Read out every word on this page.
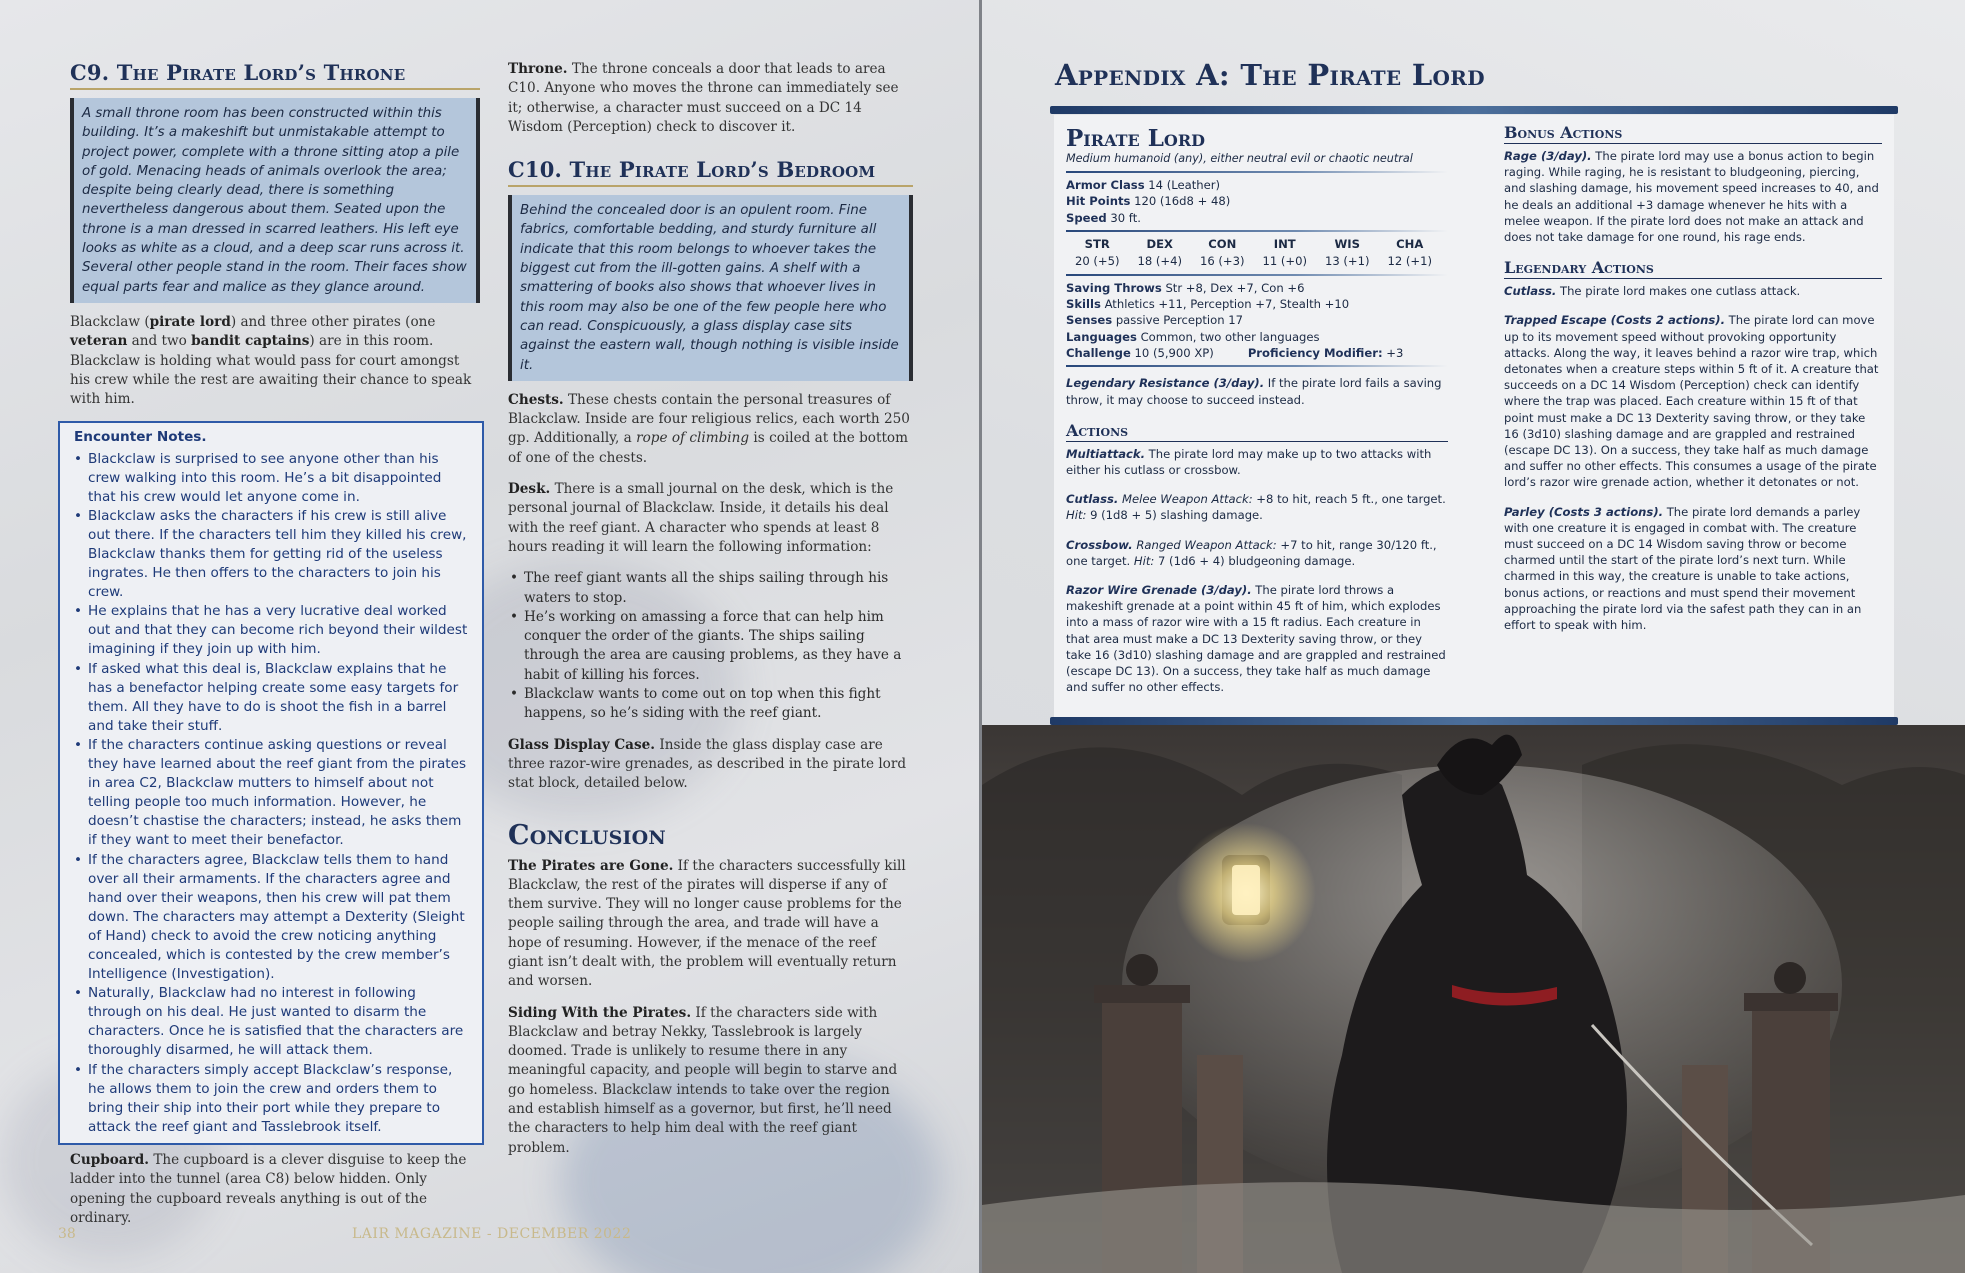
C9. The Pirate Lord’s Throne
A small throne room has been constructed within this building. It’s a makeshift but unmistakable attempt to project power, complete with a throne sitting atop a pile of gold. Menacing heads of animals overlook the area; despite being clearly dead, there is something nevertheless dangerous about them. Seated upon the throne is a man dressed in scarred leathers. His left eye looks as white as a cloud, and a deep scar runs across it. Several other people stand in the room. Their faces show equal parts fear and malice as they glance around.

Blackclaw (pirate lord) and three other pirates (one veteran and two bandit captains) are in this room. Blackclaw is holding what would pass for court amongst his crew while the rest are awaiting their chance to speak with him.

Encounter Notes.
• Blackclaw is surprised to see anyone other than his crew walking into this room. He’s a bit disappointed that his crew would let anyone come in.
• Blackclaw asks the characters if his crew is still alive out there. If the characters tell him they killed his crew, Blackclaw thanks them for getting rid of the useless ingrates. He then offers to the characters to join his crew.
• He explains that he has a very lucrative deal worked out and that they can become rich beyond their wildest imagining if they join up with him.
• If asked what this deal is, Blackclaw explains that he has a benefactor helping create some easy targets for them. All they have to do is shoot the fish in a barrel and take their stuff.
• If the characters continue asking questions or reveal they have learned about the reef giant from the pirates in area C2, Blackclaw mutters to himself about not telling people too much information. However, he doesn’t chastise the characters; instead, he asks them if they want to meet their benefactor.
• If the characters agree, Blackclaw tells them to hand over all their armaments. If the characters agree and hand over their weapons, then his crew will pat them down. The characters may attempt a Dexterity (Sleight of Hand) check to avoid the crew noticing anything concealed, which is contested by the crew member’s Intelligence (Investigation).
• Naturally, Blackclaw had no interest in following through on his deal. He just wanted to disarm the characters. Once he is satisfied that the characters are thoroughly disarmed, he will attack them.
• If the characters simply accept Blackclaw’s response, he allows them to join the crew and orders them to bring their ship into their port while they prepare to attack the reef giant and Tasslebrook itself.

Cupboard. The cupboard is a clever disguise to keep the ladder into the tunnel (area C8) below hidden. Only opening the cupboard reveals anything is out of the ordinary.

Throne. The throne conceals a door that leads to area C10. Anyone who moves the throne can immediately see it; otherwise, a character must succeed on a DC 14 Wisdom (Perception) check to discover it.

C10. The Pirate Lord’s Bedroom
Behind the concealed door is an opulent room. Fine fabrics, comfortable bedding, and sturdy furniture all indicate that this room belongs to whoever takes the biggest cut from the ill-gotten gains. A shelf with a smattering of books also shows that whoever lives in this room may also be one of the few people here who can read. Conspicuously, a glass display case sits against the eastern wall, though nothing is visible inside it.

Chests. These chests contain the personal treasures of Blackclaw. Inside are four religious relics, each worth 250 gp. Additionally, a rope of climbing is coiled at the bottom of one of the chests.

Desk. There is a small journal on the desk, which is the personal journal of Blackclaw. Inside, it details his deal with the reef giant. A character who spends at least 8 hours reading it will learn the following information:

• The reef giant wants all the ships sailing through his waters to stop.
• He’s working on amassing a force that can help him conquer the order of the giants. The ships sailing through the area are causing problems, as they have a habit of killing his forces.
• Blackclaw wants to come out on top when this fight happens, so he’s siding with the reef giant.

Glass Display Case. Inside the glass display case are three razor-wire grenades, as described in the pirate lord stat block, detailed below.

Conclusion

The Pirates are Gone. If the characters successfully kill Blackclaw, the rest of the pirates will disperse if any of them survive. They will no longer cause problems for the people sailing through the area, and trade will have a hope of resuming. However, if the menace of the reef giant isn’t dealt with, the problem will eventually return and worsen.

Siding With the Pirates. If the characters side with Blackclaw and betray Nekky, Tasslebrook is largely doomed. Trade is unlikely to resume there in any meaningful capacity, and people will begin to starve and go homeless. Blackclaw intends to take over the region and establish himself as a governor, but first, he’ll need the characters to help him deal with the reef giant problem.

38	LAIR MAGAZINE - DECEMBER 2022
Appendix A: The Pirate Lord
Pirate Lord
Medium humanoid (any), either neutral evil or chaotic neutral
Armor Class 14 (Leather)
Hit Points 120 (16d8 + 48)
Speed 30 ft.
STR
20 (+5)
DEX
18 (+4)
CON
16 (+3)
INT
11 (+0)
WIS
13 (+1)
CHA
12 (+1)
Saving Throws Str +8, Dex +7, Con +6
Skills Athletics +11, Perception +7, Stealth +10
Senses passive Perception 17
Languages Common, two other languages
Challenge 10 (5,900 XP)	Proficiency Modifier: +3
Legendary Resistance (3/day). If the pirate lord fails a saving throw, it may choose to succeed instead.
Actions
Multiattack. The pirate lord may make up to two attacks with either his cutlass or crossbow.
Cutlass. Melee Weapon Attack: +8 to hit, reach 5 ft., one target. Hit: 9 (1d8 + 5) slashing damage.
Crossbow. Ranged Weapon Attack: +7 to hit, range 30/120 ft., one target. Hit: 7 (1d6 + 4) bludgeoning damage.
Razor Wire Grenade (3/day). The pirate lord throws a makeshift grenade at a point within 45 ft of him, which explodes into a mass of razor wire with a 15 ft radius. Each creature in that area must make a DC 13 Dexterity saving throw, or they take 16 (3d10) slashing damage and are grappled and restrained (escape DC 13). On a success, they take half as much damage and suffer no other effects.
Bonus Actions
Rage (3/day). The pirate lord may use a bonus action to begin raging. While raging, he is resistant to bludgeoning, piercing, and slashing damage, his movement speed increases to 40, and he deals an additional +3 damage whenever he hits with a melee weapon. If the pirate lord does not make an attack and does not take damage for one round, his rage ends.
Legendary Actions
Cutlass. The pirate lord makes one cutlass attack.
Trapped Escape (Costs 2 actions). The pirate lord can move up to its movement speed without provoking opportunity attacks. Along the way, it leaves behind a razor wire trap, which detonates when a creature steps within 5 ft of it. A creature that succeeds on a DC 14 Wisdom (Perception) check can identify where the trap was placed. Each creature within 15 ft of that point must make a DC 13 Dexterity saving throw, or they take 16 (3d10) slashing damage and are grappled and restrained (escape DC 13). On a success, they take half as much damage and suffer no other effects. This consumes a usage of the pirate lord’s razor wire grenade action, whether it detonates or not.
Parley (Costs 3 actions). The pirate lord demands a parley with one creature it is engaged in combat with. The creature must succeed on a DC 14 Wisdom saving throw or become charmed until the start of the pirate lord’s next turn. While charmed in this way, the creature is unable to take actions, bonus actions, or reactions and must spend their movement approaching the pirate lord via the safest path they can in an effort to speak with him.
